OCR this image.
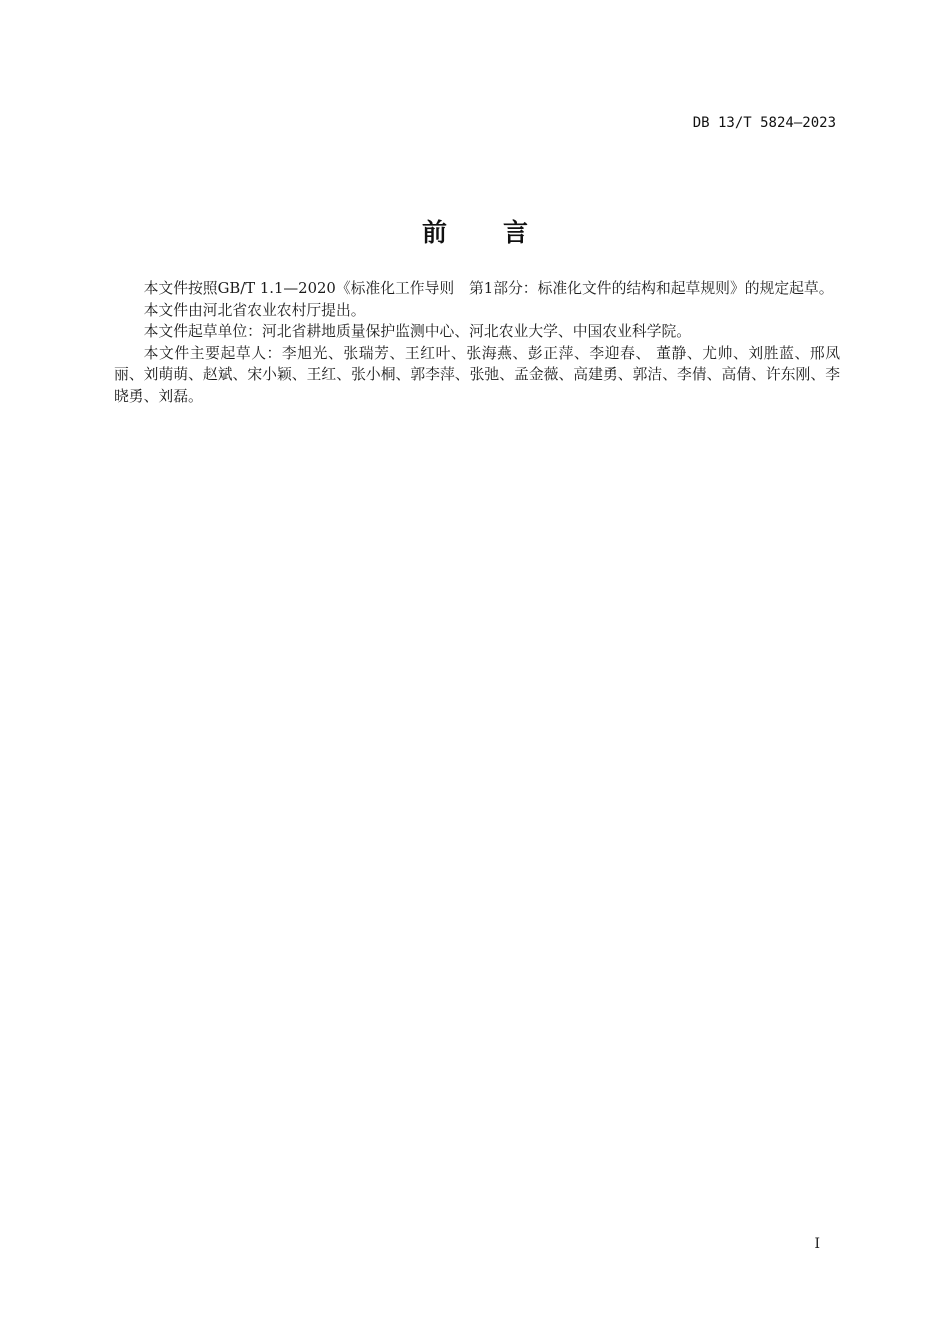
DB 13/T 5824—2023
前言

本文件按照GB/T 1.1—2020《标准化工作导则　第1部分：标准化文件的结构和起草规则》的规定起草。

本文件由河北省农业农村厅提出。

本文件起草单位：河北省耕地质量保护监测中心、河北农业大学、中国农业科学院。

本文件主要起草人：李旭光、张瑞芳、王红叶、张海燕、彭正萍、李迎春、 董静、尤帅、刘胜蓝、邢凤丽、刘萌萌、赵斌、宋小颖、王红、张小桐、郭李萍、张弛、孟金薇、高建勇、郭洁、李倩、高倩、许东刚、李晓勇、刘磊。

I
